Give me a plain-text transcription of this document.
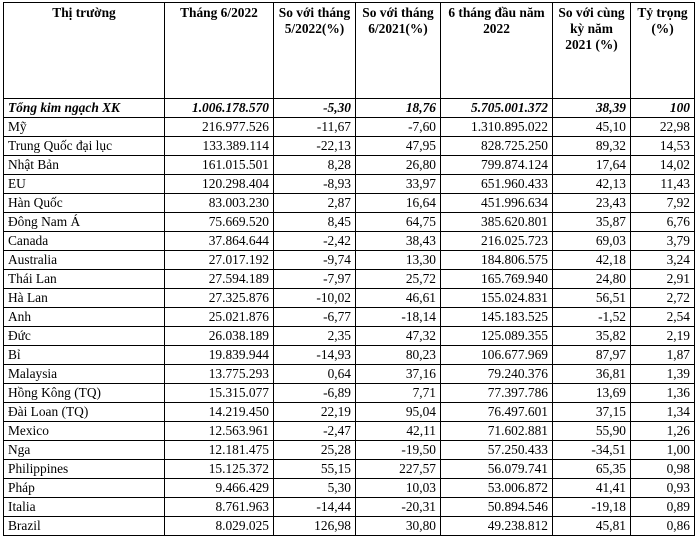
Thị trường	Tháng 6/2022	So với tháng 5/2022(%)	So với tháng 6/2021(%)	6 tháng đầu năm 2022	So với cùng kỳ năm 2021 (%)	Tỷ trọng (%)
Tổng kim ngạch XK	1.006.178.570	-5,30	18,76	5.705.001.372	38,39	100
Mỹ	216.977.526	-11,67	-7,60	1.310.895.022	45,10	22,98
Trung Quốc đại lục	133.389.114	-22,13	47,95	828.725.250	89,32	14,53
Nhật Bản	161.015.501	8,28	26,80	799.874.124	17,64	14,02
EU	120.298.404	-8,93	33,97	651.960.433	42,13	11,43
Hàn Quốc	83.003.230	2,87	16,64	451.996.634	23,43	7,92
Đông Nam Á	75.669.520	8,45	64,75	385.620.801	35,87	6,76
Canada	37.864.644	-2,42	38,43	216.025.723	69,03	3,79
Australia	27.017.192	-9,74	13,30	184.806.575	42,18	3,24
Thái Lan	27.594.189	-7,97	25,72	165.769.940	24,80	2,91
Hà Lan	27.325.876	-10,02	46,61	155.024.831	56,51	2,72
Anh	25.021.876	-6,77	-18,14	145.183.525	-1,52	2,54
Đức	26.038.189	2,35	47,32	125.089.355	35,82	2,19
Bỉ	19.839.944	-14,93	80,23	106.677.969	87,97	1,87
Malaysia	13.775.293	0,64	37,16	79.240.376	36,81	1,39
Hồng Kông (TQ)	15.315.077	-6,89	7,71	77.397.786	13,69	1,36
Đài Loan (TQ)	14.219.450	22,19	95,04	76.497.601	37,15	1,34
Mexico	12.563.961	-2,47	42,11	71.602.881	55,90	1,26
Nga	12.181.475	25,28	-19,50	57.250.433	-34,51	1,00
Philippines	15.125.372	55,15	227,57	56.079.741	65,35	0,98
Pháp	9.466.429	5,30	10,03	53.006.872	41,41	0,93
Italia	8.761.963	-14,44	-20,31	50.894.546	-19,18	0,89
Brazil	8.029.025	126,98	30,80	49.238.812	45,81	0,86
